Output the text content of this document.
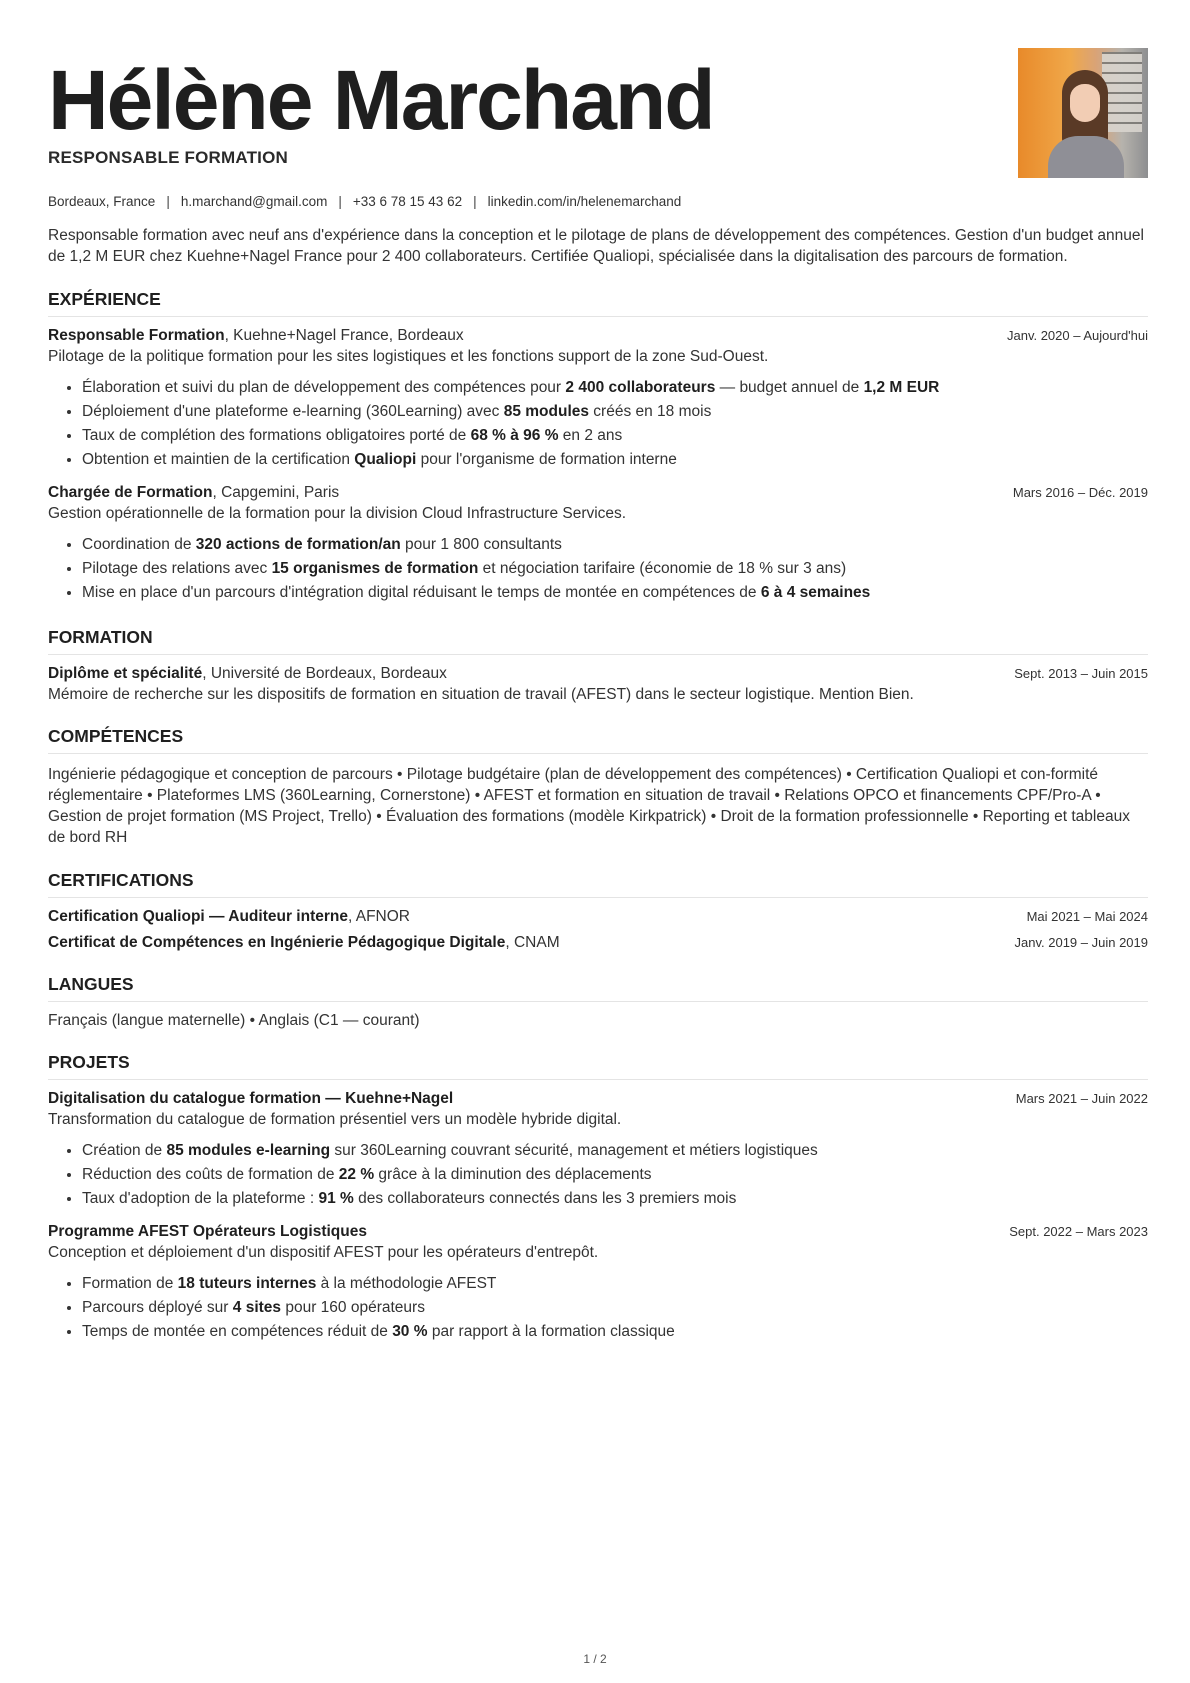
Hélène Marchand
RESPONSABLE FORMATION
Bordeaux, France | h.marchand@gmail.com | +33 6 78 15 43 62 | linkedin.com/in/helenemarchand
Responsable formation avec neuf ans d'expérience dans la conception et le pilotage de plans de développement des compétences. Gestion d'un budget annuel de 1,2 M EUR chez Kuehne+Nagel France pour 2 400 collaborateurs. Certifiée Qualiopi, spécialisée dans la digitalisation des parcours de formation.
EXPÉRIENCE
Responsable Formation, Kuehne+Nagel France, Bordeaux	Janv. 2020 – Aujourd'hui
Pilotage de la politique formation pour les sites logistiques et les fonctions support de la zone Sud-Ouest.
• Élaboration et suivi du plan de développement des compétences pour 2 400 collaborateurs — budget annuel de 1,2 M EUR
• Déploiement d'une plateforme e-learning (360Learning) avec 85 modules créés en 18 mois
• Taux de complétion des formations obligatoires porté de 68 % à 96 % en 2 ans
• Obtention et maintien de la certification Qualiopi pour l'organisme de formation interne
Chargée de Formation, Capgemini, Paris	Mars 2016 – Déc. 2019
Gestion opérationnelle de la formation pour la division Cloud Infrastructure Services.
• Coordination de 320 actions de formation/an pour 1 800 consultants
• Pilotage des relations avec 15 organismes de formation et négociation tarifaire (économie de 18 % sur 3 ans)
• Mise en place d'un parcours d'intégration digital réduisant le temps de montée en compétences de 6 à 4 semaines
FORMATION
Diplôme et spécialité, Université de Bordeaux, Bordeaux	Sept. 2013 – Juin 2015
Mémoire de recherche sur les dispositifs de formation en situation de travail (AFEST) dans le secteur logistique. Mention Bien.
COMPÉTENCES
Ingénierie pédagogique et conception de parcours • Pilotage budgétaire (plan de développement des compétences) • Certification Qualiopi et con-formité réglementaire • Plateformes LMS (360Learning, Cornerstone) • AFEST et formation en situation de travail • Relations OPCO et financements CPF/Pro-A • Gestion de projet formation (MS Project, Trello) • Évaluation des formations (modèle Kirkpatrick) • Droit de la formation professionnelle • Reporting et tableaux de bord RH
CERTIFICATIONS
Certification Qualiopi — Auditeur interne, AFNOR	Mai 2021 – Mai 2024
Certificat de Compétences en Ingénierie Pédagogique Digitale, CNAM	Janv. 2019 – Juin 2019
LANGUES
Français (langue maternelle) • Anglais (C1 — courant)
PROJETS
Digitalisation du catalogue formation — Kuehne+Nagel	Mars 2021 – Juin 2022
Transformation du catalogue de formation présentiel vers un modèle hybride digital.
• Création de 85 modules e-learning sur 360Learning couvrant sécurité, management et métiers logistiques
• Réduction des coûts de formation de 22 % grâce à la diminution des déplacements
• Taux d'adoption de la plateforme : 91 % des collaborateurs connectés dans les 3 premiers mois
Programme AFEST Opérateurs Logistiques	Sept. 2022 – Mars 2023
Conception et déploiement d'un dispositif AFEST pour les opérateurs d'entrepôt.
• Formation de 18 tuteurs internes à la méthodologie AFEST
• Parcours déployé sur 4 sites pour 160 opérateurs
• Temps de montée en compétences réduit de 30 % par rapport à la formation classique
1 / 2
